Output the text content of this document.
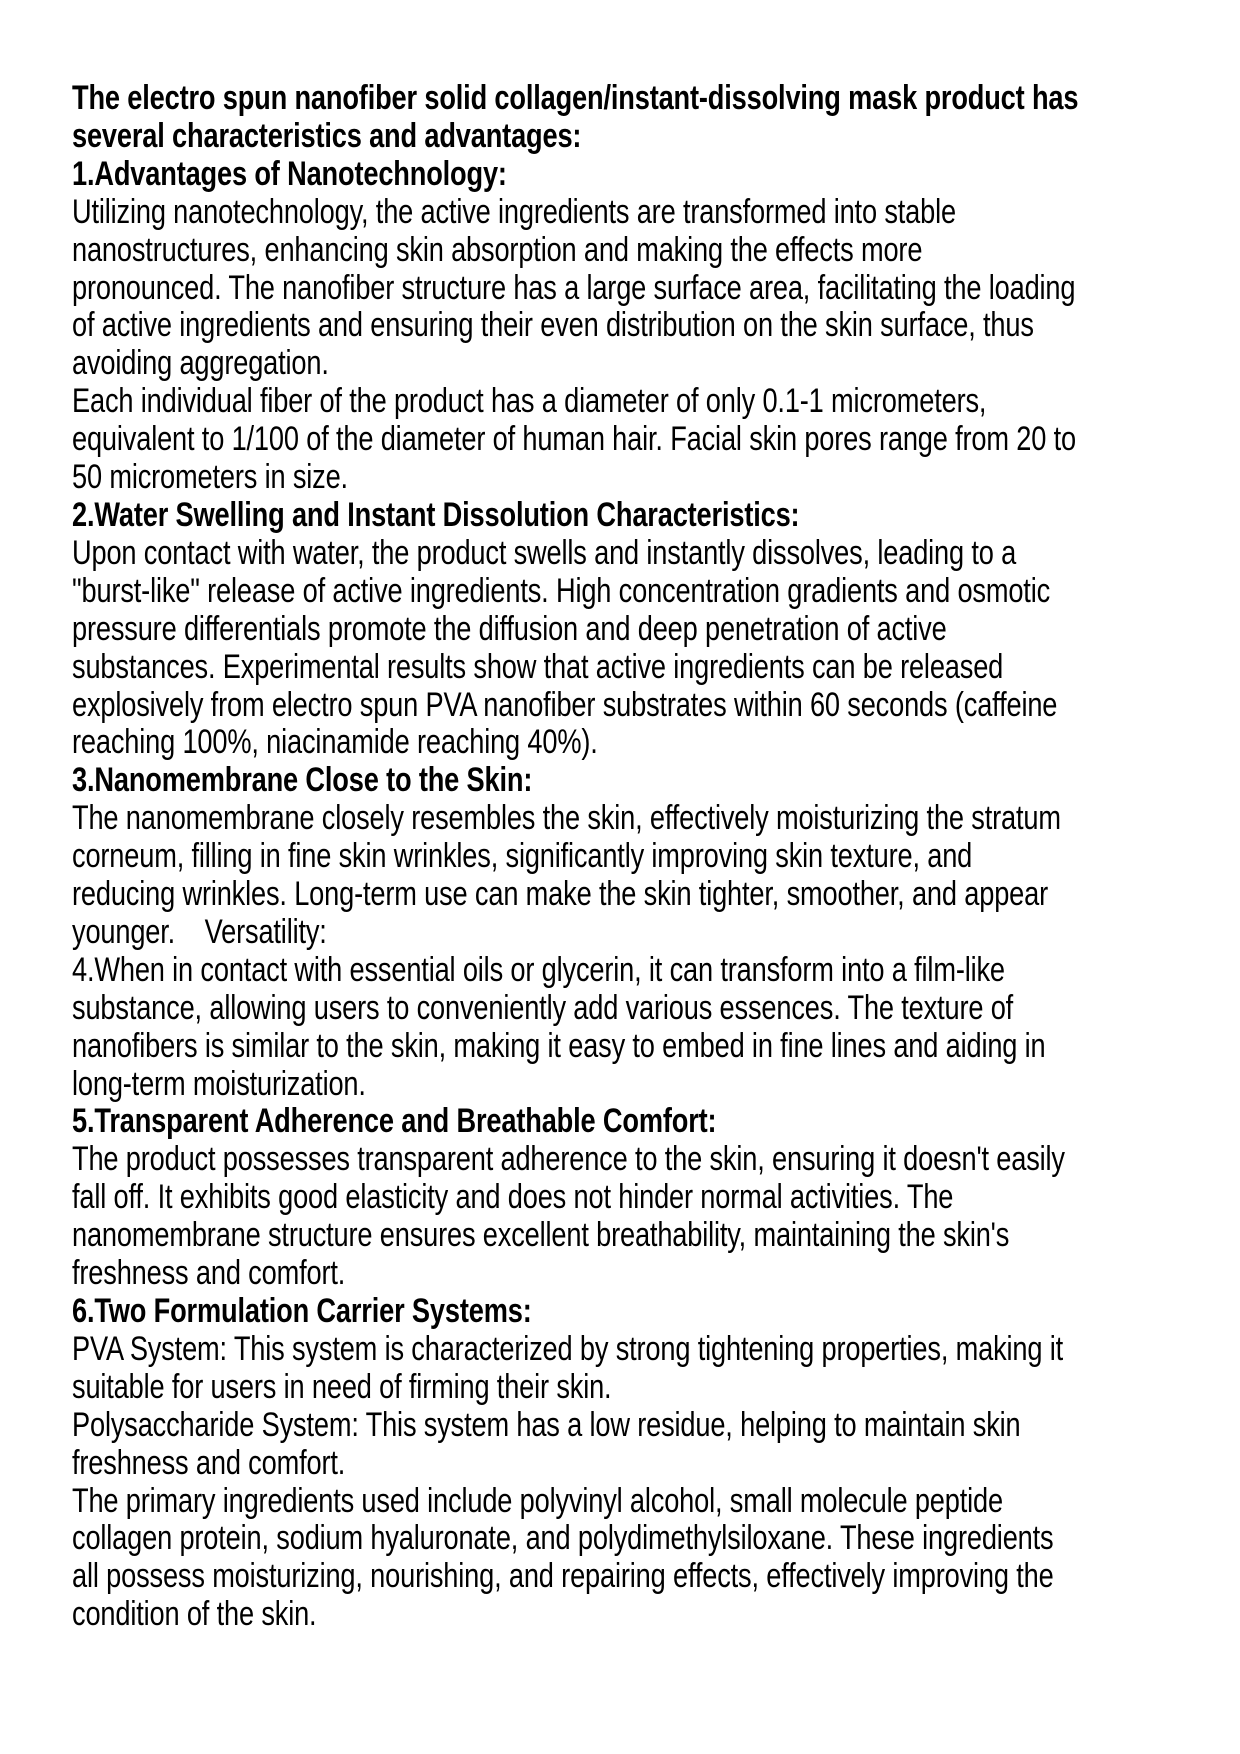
The electro spun nanofiber solid collagen/instant-dissolving mask product has
several characteristics and advantages:
1.Advantages of Nanotechnology:
Utilizing nanotechnology, the active ingredients are transformed into stable
nanostructures, enhancing skin absorption and making the effects more
pronounced. The nanofiber structure has a large surface area, facilitating the loading
of active ingredients and ensuring their even distribution on the skin surface, thus
avoiding aggregation.
Each individual fiber of the product has a diameter of only 0.1-1 micrometers,
equivalent to 1/100 of the diameter of human hair. Facial skin pores range from 20 to
50 micrometers in size.
2.Water Swelling and Instant Dissolution Characteristics:
Upon contact with water, the product swells and instantly dissolves, leading to a
"burst-like" release of active ingredients. High concentration gradients and osmotic
pressure differentials promote the diffusion and deep penetration of active
substances. Experimental results show that active ingredients can be released
explosively from electro spun PVA nanofiber substrates within 60 seconds (caffeine
reaching 100%, niacinamide reaching 40%).
3.Nanomembrane Close to the Skin:
The nanomembrane closely resembles the skin, effectively moisturizing the stratum
corneum, filling in fine skin wrinkles, significantly improving skin texture, and
reducing wrinkles. Long-term use can make the skin tighter, smoother, and appear
younger.    Versatility:
4.When in contact with essential oils or glycerin, it can transform into a film-like
substance, allowing users to conveniently add various essences. The texture of
nanofibers is similar to the skin, making it easy to embed in fine lines and aiding in
long-term moisturization.
5.Transparent Adherence and Breathable Comfort:
The product possesses transparent adherence to the skin, ensuring it doesn't easily
fall off. It exhibits good elasticity and does not hinder normal activities. The
nanomembrane structure ensures excellent breathability, maintaining the skin's
freshness and comfort.
6.Two Formulation Carrier Systems:
PVA System: This system is characterized by strong tightening properties, making it
suitable for users in need of firming their skin.
Polysaccharide System: This system has a low residue, helping to maintain skin
freshness and comfort.
The primary ingredients used include polyvinyl alcohol, small molecule peptide
collagen protein, sodium hyaluronate, and polydimethylsiloxane. These ingredients
all possess moisturizing, nourishing, and repairing effects, effectively improving the
condition of the skin.
